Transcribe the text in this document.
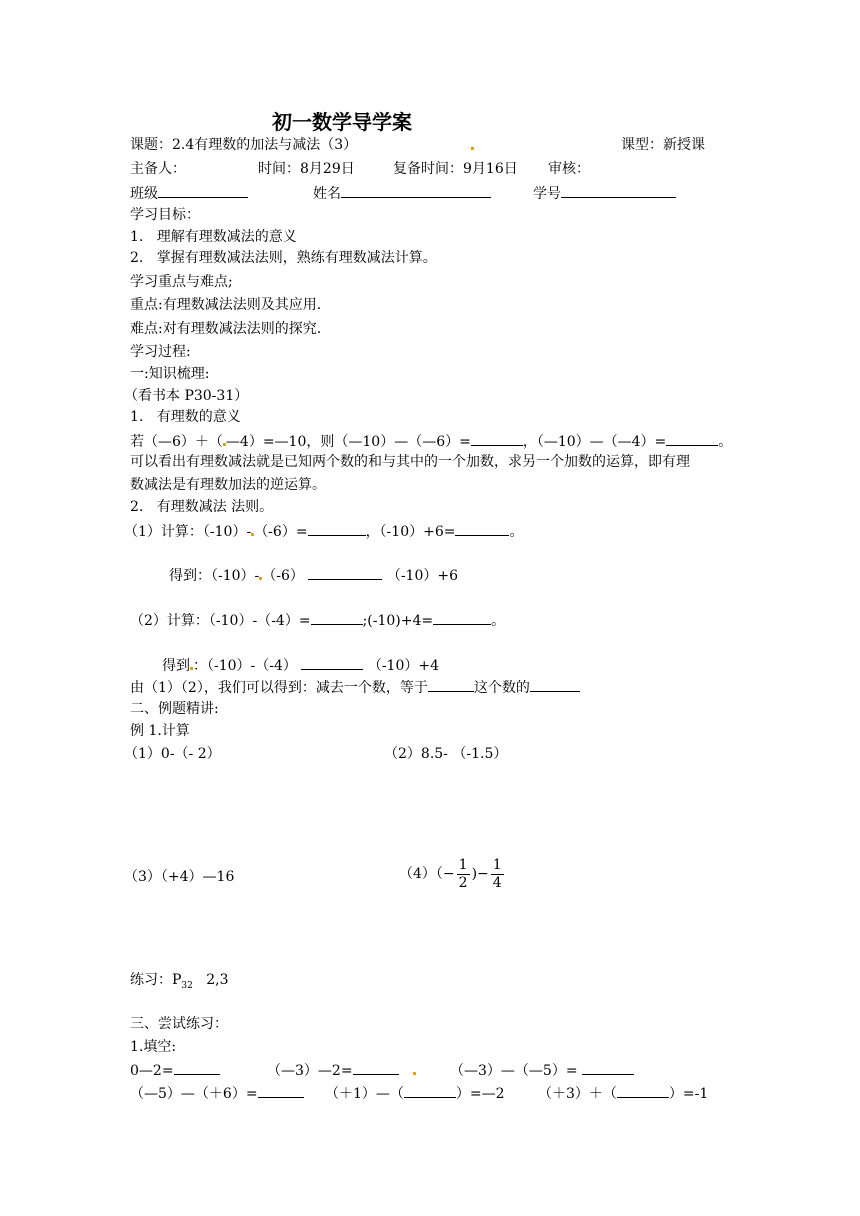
初一数学导学案
课题：2.4有理数的加法与减法（3）	课型：新授课
主备人：	时间：8月29日	复备时间：9月16日 审核：
班级	姓名	学号
学习目标：
1.   理解有理数减法的意义
2.   掌握有理数减法法则，熟练有理数减法计算。
学习重点与难点;
重点:有理数减法法则及其应用.
难点:对有理数减法法则的探究.
学习过程:
一:知识梳理:
（看书本 P30-31）
1.   有理数的意义
若（—6）＋（ —4）=—10，则（—10）—（—6）=	，（—10）—（—4）=	。
可以看出有理数减法就是已知两个数的和与其中的一个加数，求另一个加数的运算，即有理
数减法是有理数加法的逆运算。
2.   有理数减法 法则。
（1）计算：（-10）- （-6）=	，（-10）+6=	。
得到：（-10）- （-6）	（-10）+6
（2）计算：（-10）-（-4）=	;(-10)+4=	。
得到 ：（-10）-（-4）	（-10）+4
由（1）（2），我们可以得到：减去一个数，等于	这个数的
二、例题精讲:
例 1.计算
（1）0-（- 2）	（2）8.5- （-1.5）
（3）（+4）—16	$(4)(- \frac{1}{2}$ )− $\frac{1}{4}$
练习：$P_{32}$ 2,3
三、尝试练习：
1.填空:
0—2=	（—3）—2=	（—3）—（—5）=
（—5）—（＋6）=	（＋1）—（	）=—2 （＋3）＋（	）=-1
